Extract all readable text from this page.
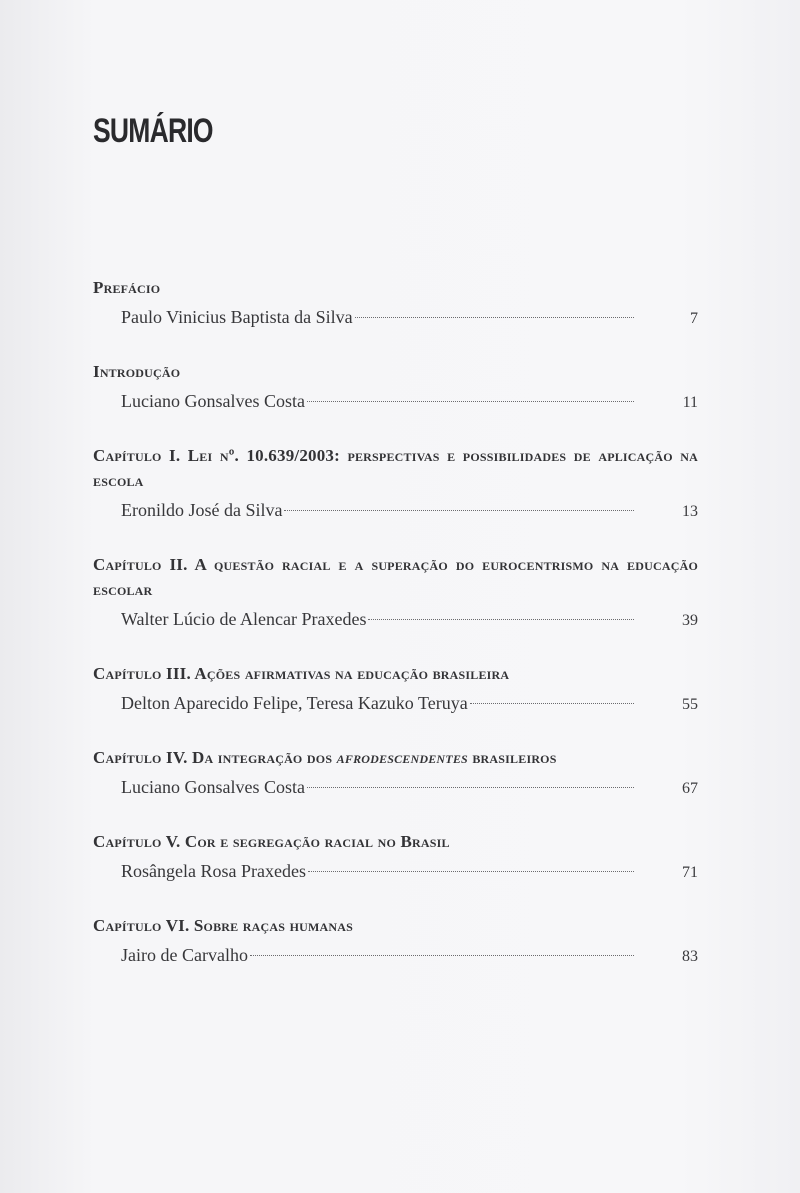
SUMÁRIO
Prefácio
Paulo Vinicius Baptista da Silva	7
Introdução
Luciano Gonsalves Costa	11
Capítulo I. Lei nº. 10.639/2003: perspectivas e possibilidades de aplicação na escola
Eronildo José da Silva	13
Capítulo II. A questão racial e a superação do eurocentrismo na educação escolar
Walter Lúcio de Alencar Praxedes	39
Capítulo III. Ações afirmativas na educação brasileira
Delton Aparecido Felipe, Teresa Kazuko Teruya	55
Capítulo IV. Da integração dos afrodescendentes brasileiros
Luciano Gonsalves Costa	67
Capítulo V. Cor e segregação racial no Brasil
Rosângela Rosa Praxedes	71
Capítulo VI. Sobre raças humanas
Jairo de Carvalho	83
